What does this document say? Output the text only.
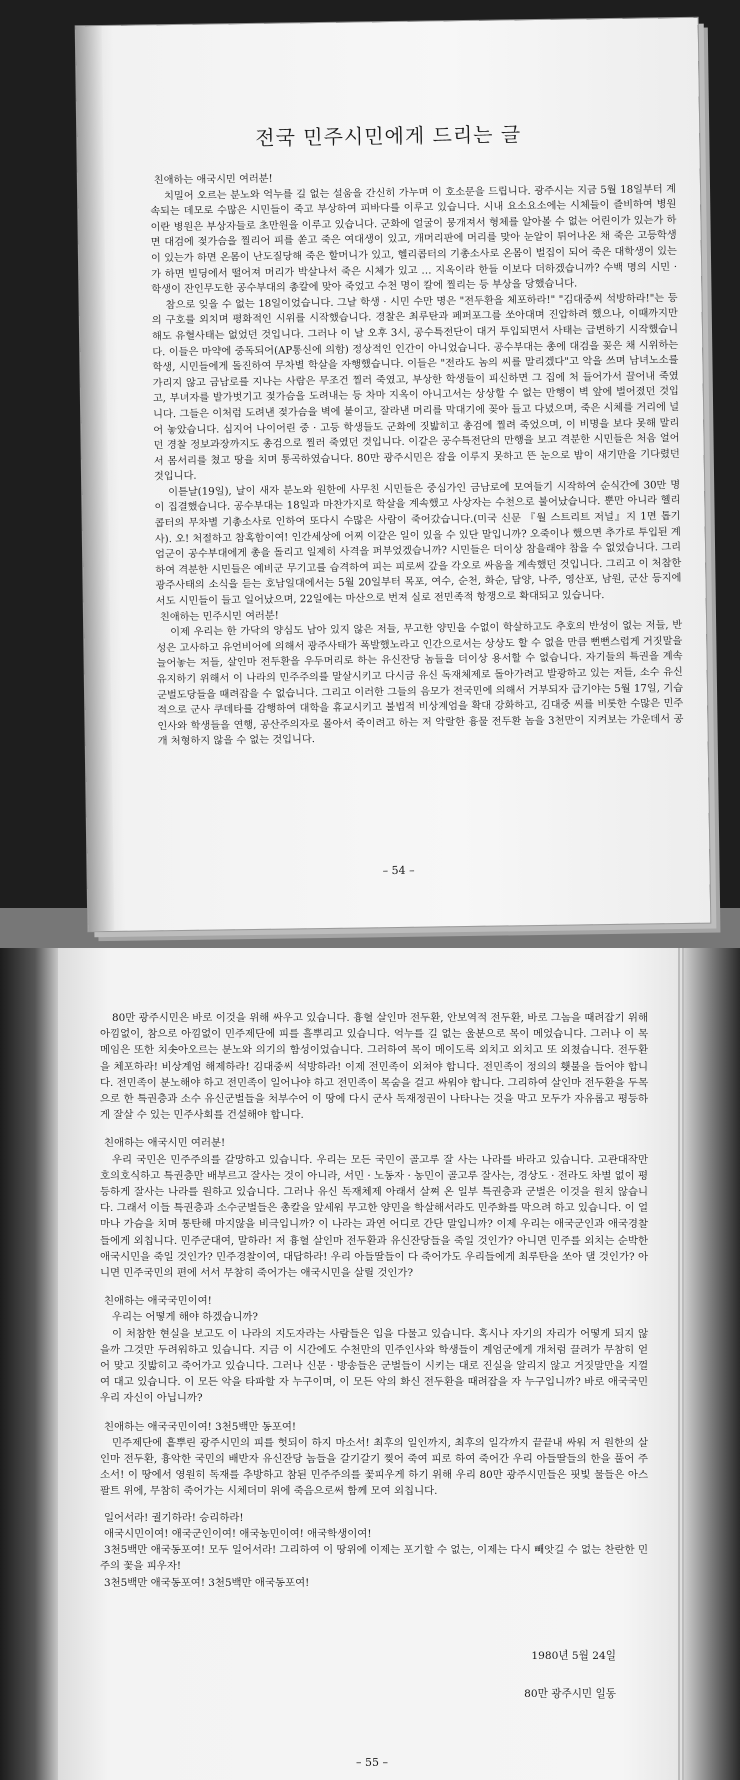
전국 민주시민에게 드리는 글

친애하는 애국시민 여러분!

치밀어 오르는 분노와 억누를 길 없는 설움을 간신히 가누며 이 호소문을 드립니다. 광주시는 지금 5월 18일부터 계속되는 데모로 수많은 시민들이 죽고 부상하여 피바다를 이루고 있습니다. 시내 요소요소에는 시체들이 즐비하여 병원이란 병원은 부상자들로 초만원을 이루고 있습니다. 군화에 얼굴이 뭉개져서 형체를 알아볼 수 없는 어린이가 있는가 하면 대검에 젖가슴을 찔리어 피를 쏟고 죽은 여대생이 있고, 개머리판에 머리를 맞아 눈알이 튀어나온 채 죽은 고등학생이 있는가 하면 온몸이 난도질당해 죽은 할머니가 있고, 헬리콥터의 기총소사로 온몸이 벌집이 되어 죽은 대학생이 있는가 하면 빌딩에서 떨어져 머리가 박살나서 죽은 시체가 있고 … 지옥이라 한들 이보다 더하겠습니까? 수백 명의 시민 · 학생이 잔인무도한 공수부대의 총칼에 맞아 죽었고 수천 명이 칼에 찔리는 등 부상을 당했습니다.

참으로 잊을 수 없는 18일이었습니다. 그날 학생 · 시민 수만 명은 "전두환을 체포하라!" "김대중씨 석방하라!"는 등의 구호를 외치며 평화적인 시위를 시작했습니다. 경찰은 최루탄과 페퍼포그를 쏘아대며 진압하려 했으나, 이때까지만 해도 유혈사태는 없었던 것입니다. 그러나 이 날 오후 3시, 공수특전단이 대거 투입되면서 사태는 급변하기 시작했습니다. 이들은 마약에 중독되어(AP통신에 의함) 정상적인 인간이 아니었습니다. 공수부대는 총에 대검을 꽂은 채 시위하는 학생, 시민들에게 돌진하여 무차별 학살을 자행했습니다. 이들은 "전라도 놈의 씨를 말리겠다"고 악을 쓰며 남녀노소를 가리지 않고 금남로를 지나는 사람은 무조건 찔러 죽였고, 부상한 학생들이 피신하면 그 집에 처 들어가서 끌어내 죽였고, 부녀자를 발가벗기고 젖가슴을 도려내는 등 차마 지옥이 아니고서는 상상할 수 없는 만행이 벽 앞에 벌어졌던 것입니다. 그들은 이처럼 도려낸 젖가슴을 벽에 붙이고, 잘라낸 머리를 막대기에 꽂아 들고 다녔으며, 죽은 시체를 거리에 널어 놓았습니다. 심지어 나이어린 중 · 고등 학생들도 군화에 짓밟히고 총검에 찔려 죽었으며, 이 비명을 보다 못해 말리던 경찰 정보과장까지도 총검으로 찔러 죽였던 것입니다. 이같은 공수특전단의 만행을 보고 격분한 시민들은 처음 얼어서 몸서리를 쳤고 땅을 치며 통곡하였습니다. 80만 광주시민은 잠을 이루지 못하고 뜬 눈으로 밤이 새기만을 기다렸던 것입니다.

이튿날(19일), 날이 새자 분노와 원한에 사무친 시민들은 중심가인 금남로에 모여들기 시작하여 순식간에 30만 명이 집결했습니다. 공수부대는 18일과 마찬가지로 학살을 계속했고 사상자는 수천으로 불어났습니다. 뿐만 아니라 헬리콥터의 무차별 기총소사로 인하여 또다시 수많은 사람이 죽어갔습니다.(미국 신문 『월 스트리트 저널』지 1면 톱기사). 오! 처절하고 참혹함이여! 인간세상에 어찌 이같은 일이 있을 수 있단 말입니까? 오죽이나 했으면 추가로 투입된 계엄군이 공수부대에게 총을 돌리고 일제히 사격을 퍼부었겠습니까? 시민들은 더이상 참을래야 참을 수 없었습니다. 그리하여 격분한 시민들은 예비군 무기고를 습격하여 피는 피로써 갚을 각오로 싸움을 계속했던 것입니다. 그리고 이 처참한 광주사태의 소식을 듣는 호남일대에서는 5월 20일부터 목포, 여수, 순천, 화순, 담양, 나주, 영산포, 남원, 군산 등지에서도 시민들이 들고 일어났으며, 22일에는 마산으로 번져 실로 전민족적 항쟁으로 확대되고 있습니다.

친애하는 민주시민 여러분!

이제 우리는 한 가닥의 양심도 남아 있지 않은 저들, 무고한 양민을 수없이 학살하고도 추호의 반성이 없는 저들, 반성은 고사하고 유언비어에 의해서 광주사태가 폭발했노라고 인간으로서는 상상도 할 수 없을 만큼 뻔뻔스럽게 거짓말을 늘어놓는 저들, 살인마 전두환을 우두머리로 하는 유신잔당 놈들을 더이상 용서할 수 없습니다. 자기들의 특권을 계속 유지하기 위해서 이 나라의 민주주의를 말살시키고 다시금 유신 독재체제로 돌아가려고 발광하고 있는 저들, 소수 유신 군벌도당들을 때려잡을 수 없습니다. 그리고 이러한 그들의 음모가 전국민에 의해서 거부되자 급기야는 5월 17일, 기습적으로 군사 쿠데타를 감행하여 대학을 휴교시키고 불법적 비상계엄을 확대 강화하고, 김대중 씨를 비롯한 수많은 민주인사와 학생들을 연행, 공산주의자로 몰아서 죽이려고 하는 저 악랄한 흉물 전두환 놈을 3천만이 지켜보는 가운데서 공개 처형하지 않을 수 없는 것입니다.

– 54 –

80만 광주시민은 바로 이것을 위해 싸우고 있습니다. 흉혈 살인마 전두환, 안보역적 전두환, 바로 그놈을 때려잡기 위해 아낌없이, 참으로 아낌없이 민주제단에 피를 흘뿌리고 있습니다. 억누를 길 없는 울분으로 목이 메었습니다. 그러나 이 목메임은 또한 치솟아오르는 분노와 의기의 함성이었습니다. 그러하여 목이 메이도록 외치고 외치고 또 외쳤습니다. 전두환을 체포하라! 비상계엄 해제하라! 김대중씨 석방하라! 이제 전민족이 외쳐야 합니다. 전민족이 정의의 횃불을 들어야 합니다. 전민족이 분노해야 하고 전민족이 일어나야 하고 전민족이 목숨을 걸고 싸워야 합니다. 그리하여 살인마 전두환을 두목으로 한 특권층과 소수 유신군벌들을 처부수어 이 땅에 다시 군사 독재정권이 나타나는 것을 막고 모두가 자유롭고 평등하게 잘살 수 있는 민주사회를 건설해야 합니다.

친애하는 애국시민 여러분!

우리 국민은 민주주의를 갈망하고 있습니다. 우리는 모든 국민이 골고루 잘 사는 나라를 바라고 있습니다. 고관대작만 호의호식하고 특권층만 배부르고 잘사는 것이 아니라, 서민 · 노동자 · 농민이 골고루 잘사는, 경상도 · 전라도 차별 없이 평등하게 잘사는 나라를 원하고 있습니다. 그러나 유신 독재체제 아래서 살쪄 온 일부 특권층과 군벌은 이것을 원치 않습니다. 그래서 이들 특권층과 소수군벌들은 총칼을 앞세워 무고한 양민을 학살해서라도 민주화를 막으려 하고 있습니다. 이 얼마나 가슴을 치며 통탄해 마지않을 비극입니까? 이 나라는 과연 어디로 간단 말입니까? 이제 우리는 애국군인과 애국경찰들에게 외칩니다. 민주군대여, 말하라! 저 흉혈 살인마 전두환과 유신잔당들을 죽일 것인가? 아니면 민주를 외치는 순박한 애국시민을 죽일 것인가? 민주경찰이여, 대답하라! 우리 아들딸들이 다 죽어가도 우리들에게 최루탄을 쏘아 댈 것인가? 아니면 민주국민의 편에 서서 무참히 죽어가는 애국시민을 살릴 것인가?

친애하는 애국국민이여!

우리는 어떻게 해야 하겠습니까?

이 처참한 현실을 보고도 이 나라의 지도자라는 사람들은 입을 다물고 있습니다. 혹시나 자기의 자리가 어떻게 되지 않을까 그것만 두려워하고 있습니다. 지금 이 시간에도 수천만의 민주인사와 학생들이 계엄군에게 개처럼 끌려가 무참히 얻어 맞고 짓밟히고 죽어가고 있습니다. 그러나 신문 · 방송들은 군벌들이 시키는 대로 진실을 알리지 않고 거짓말만을 지껄여 대고 있습니다. 이 모든 악을 타파할 자 누구이며, 이 모든 악의 화신 전두환을 때려잡을 자 누구입니까? 바로 애국국민 우리 자신이 아닙니까?

친애하는 애국국민이여! 3천5백만 동포여!

민주제단에 흩뿌린 광주시민의 피를 헛되이 하지 마소서! 최후의 일인까지, 최후의 일각까지 끝끝내 싸워 저 원한의 살인마 전두환, 흉악한 국민의 배반자 유신잔당 놈들을 갈기갈기 찢어 죽여 피로 하여 죽어간 우리 아들딸들의 한을 풀어 주소서! 이 땅에서 영원히 독재를 추방하고 참된 민주주의를 꽃피우게 하기 위해 우리 80만 광주시민들은 핏빛 물들은 아스팔트 위에, 무참히 죽어가는 시체더미 위에 죽음으로써 함께 모여 외칩니다.

일어서라! 궐기하라! 승리하라!

애국시민이여! 애국군인이여! 애국농민이여! 애국학생이여!

3천5백만 애국동포여! 모두 일어서라! 그리하여 이 땅위에 이제는 포기할 수 없는, 이제는 다시 빼앗길 수 없는 찬란한 민주의 꽃을 피우자!

3천5백만 애국동포여! 3천5백만 애국동포여!

1980년 5월 24일
80만 광주시민 일동
– 55 –
